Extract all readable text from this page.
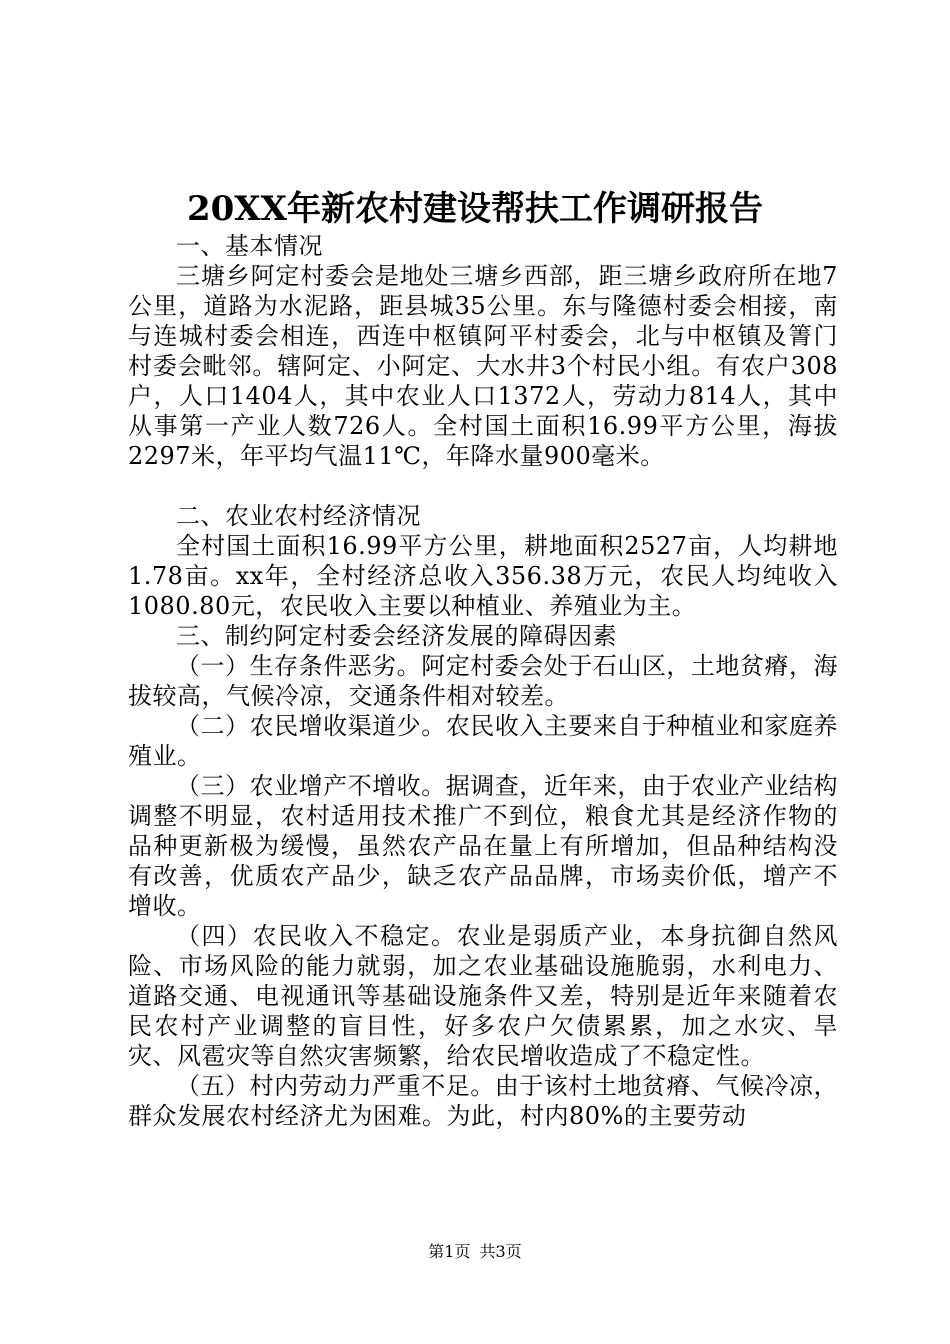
20XX年新农村建设帮扶工作调研报告

一、基本情况

三塘乡阿定村委会是地处三塘乡西部，距三塘乡政府所在地7公里，道路为水泥路，距县城35公里。东与隆德村委会相接，南与连城村委会相连，西连中枢镇阿平村委会，北与中枢镇及箐门村委会毗邻。辖阿定、小阿定、大水井3个村民小组。有农户308户，人口1404人，其中农业人口1372人，劳动力814人，其中从事第一产业人数726人。全村国土面积16.99平方公里，海拔2297米，年平均气温11℃，年降水量900毫米。

二、农业农村经济情况

全村国土面积16.99平方公里，耕地面积2527亩，人均耕地1.78亩。xx年，全村经济总收入356.38万元，农民人均纯收入1080.80元，农民收入主要以种植业、养殖业为主。

三、制约阿定村委会经济发展的障碍因素

（一）生存条件恶劣。阿定村委会处于石山区，土地贫瘠，海拔较高，气候冷凉，交通条件相对较差。

（二）农民增收渠道少。农民收入主要来自于种植业和家庭养殖业。

（三）农业增产不增收。据调查，近年来，由于农业产业结构调整不明显，农村适用技术推广不到位，粮食尤其是经济作物的品种更新极为缓慢，虽然农产品在量上有所增加，但品种结构没有改善，优质农产品少，缺乏农产品品牌，市场卖价低，增产不增收。

（四）农民收入不稳定。农业是弱质产业，本身抗御自然风险、市场风险的能力就弱，加之农业基础设施脆弱，水利电力、道路交通、电视通讯等基础设施条件又差，特别是近年来随着农民农村产业调整的盲目性，好多农户欠债累累，加之水灾、旱灾、风雹灾等自然灾害频繁，给农民增收造成了不稳定性。

（五）村内劳动力严重不足。由于该村土地贫瘠、气候冷凉，群众发展农村经济尤为困难。为此，村内80%的主要劳动

第1页 共3页
